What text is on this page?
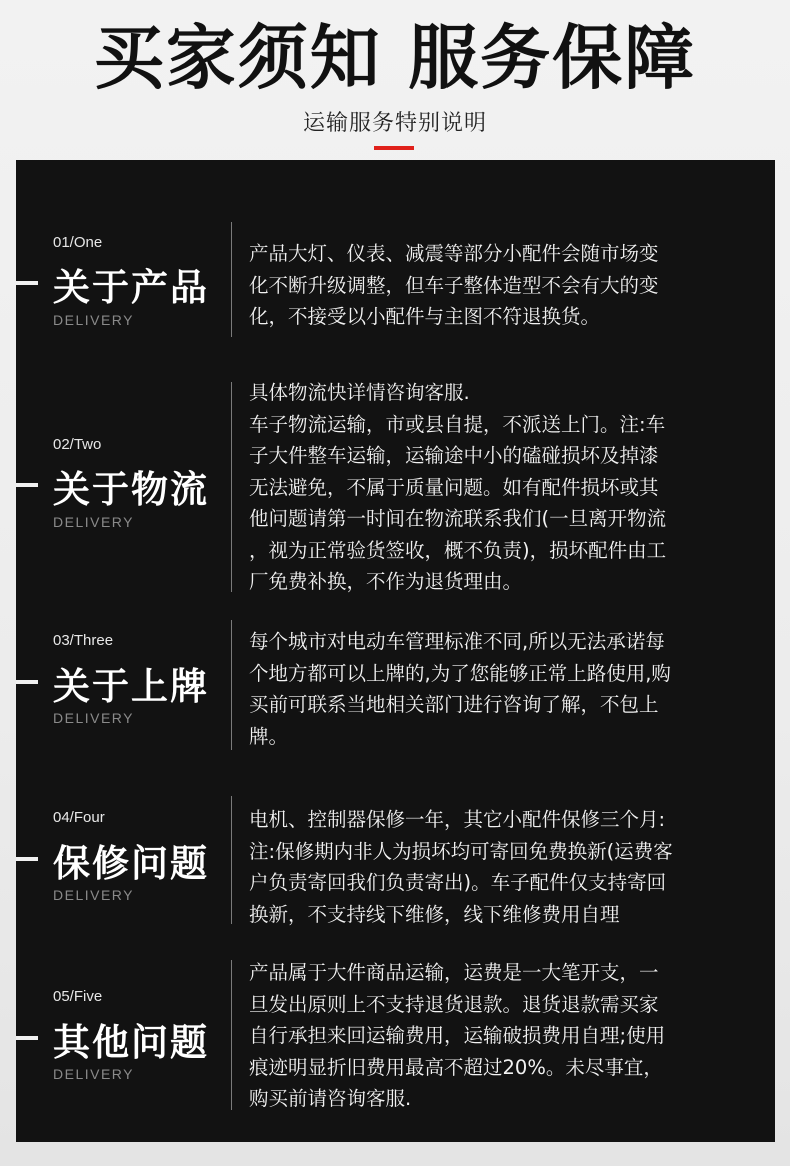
买家须知 服务保障
运输服务特别说明
01/One
关于产品
DELIVERY
产品大灯、仪表、减震等部分小配件会随市场变
化不断升级调整，但车子整体造型不会有大的变
化，不接受以小配件与主图不符退换货。
02/Two
关于物流
DELIVERY
具体物流快详情咨询客服.
车子物流运输，市或县自提，不派送上门。注:车
子大件整车运输，运输途中小的磕碰损坏及掉漆
无法避免，不属于质量问题。如有配件损坏或其
他问题请第一时间在物流联系我们(一旦离开物流
，视为正常验货签收，概不负责)，损坏配件由工
厂免费补换，不作为退货理由。
03/Three
关于上牌
DELIVERY
每个城市对电动车管理标准不同,所以无法承诺每
个地方都可以上牌的,为了您能够正常上路使用,购
买前可联系当地相关部门进行咨询了解，不包上
牌。
04/Four
保修问题
DELIVERY
电机、控制器保修一年，其它小配件保修三个月:
注:保修期内非人为损坏均可寄回免费换新(运费客
户负责寄回我们负责寄出)。车子配件仅支持寄回
换新，不支持线下维修，线下维修费用自理
05/Five
其他问题
DELIVERY
产品属于大件商品运输，运费是一大笔开支，一
旦发出原则上不支持退货退款。退货退款需买家
自行承担来回运输费用，运输破损费用自理;使用
痕迹明显折旧费用最高不超过20%。未尽事宜，
购买前请咨询客服.
